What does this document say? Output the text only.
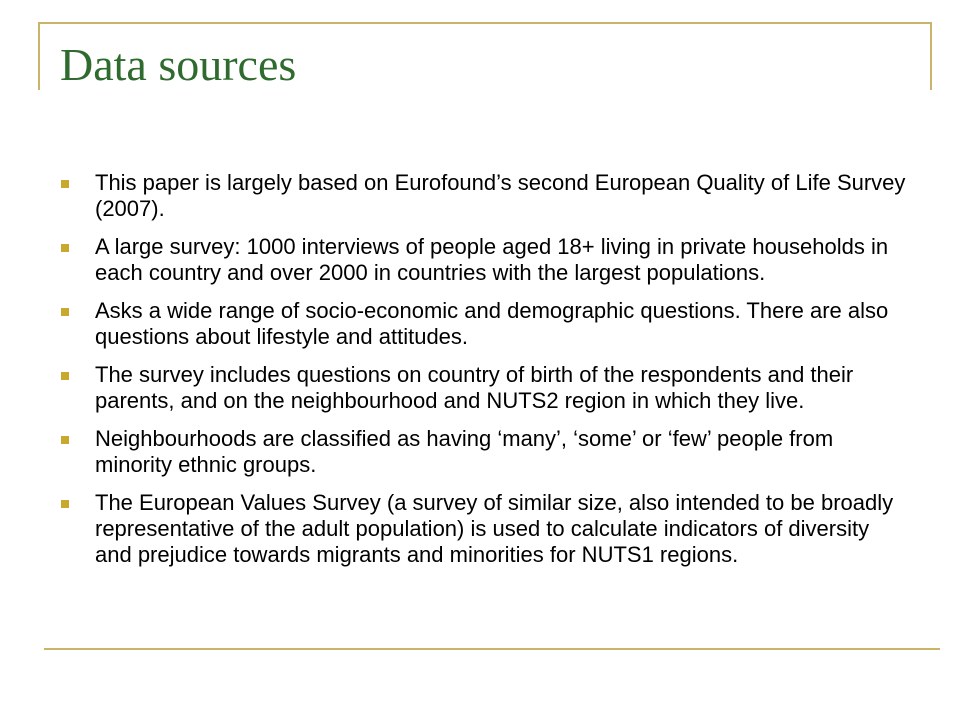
Data sources
This paper is largely based on Eurofound’s second European Quality of Life Survey (2007).
A large survey: 1000 interviews of people aged 18+ living in private households in each country and over 2000 in countries with the largest populations.
Asks a wide range of socio-economic and demographic questions. There are also questions about lifestyle and attitudes.
The survey includes questions on country of birth of the respondents and their parents, and on the neighbourhood and NUTS2 region in which they live.
Neighbourhoods are classified as having ‘many’, ‘some’ or ‘few’ people from minority ethnic groups.
The European Values Survey (a survey of similar size, also intended to be broadly representative of the adult population) is used to calculate indicators of diversity and prejudice towards migrants and minorities for NUTS1 regions.
